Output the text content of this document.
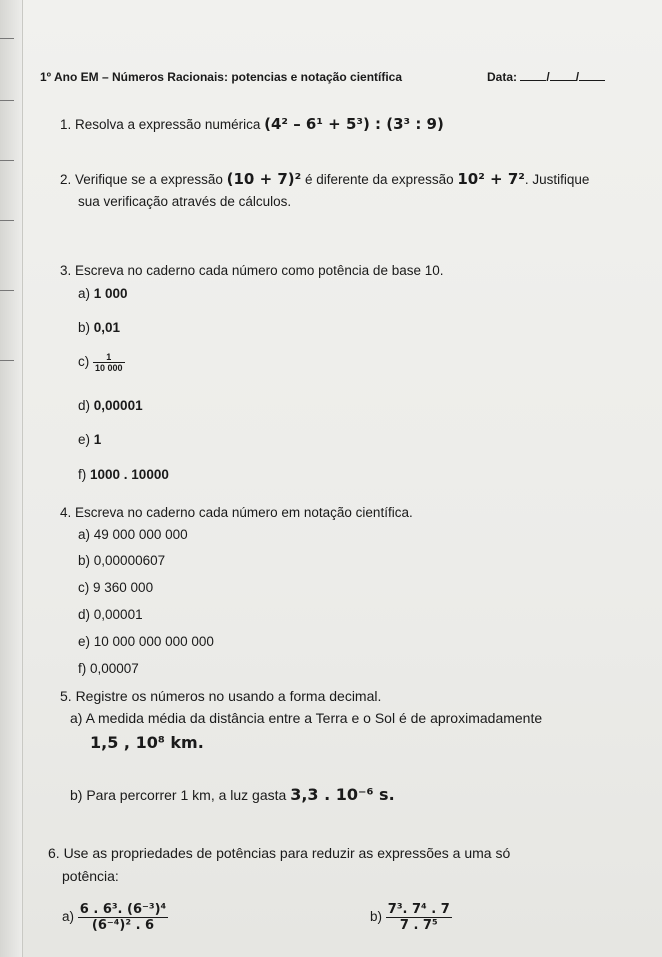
1º Ano EM – Números Racionais: potencias e notação científica	Data: / /
1. Resolva a expressão numérica (4² – 6¹ + 5³) : (3³ : 9)
2. Verifique se a expressão (10 + 7)² é diferente da expressão 10² + 7². Justifique
sua verificação através de cálculos.
3. Escreva no caderno cada número como potência de base 10.
a) 1 000
b) 0,01
$c) \frac{1}{10 000}$
d) 0,00001
e) 1
f) 1000 . 10000
4. Escreva no caderno cada número em notação científica.
a) 49 000 000 000
b) 0,00000607
c) 9 360 000
d) 0,00001
e) 10 000 000 000 000
f) 0,00007
5. Registre os números no usando a forma decimal.
a) A medida média da distância entre a Terra e o Sol é de aproximadamente
1,5 , 10⁸ km.
b) Para percorrer 1 km, a luz gasta 3,3 . 10⁻⁶ s.
6. Use as propriedades de potências para reduzir as expressões a uma só
potência:
$a) \frac{\text{6 . 6³. (6⁻³)⁴}}{\text{(6⁻⁴)² . 6}}$	$b) \frac{\text{7³. 7⁴ . 7}}{\text{7 . 7⁵}}$
